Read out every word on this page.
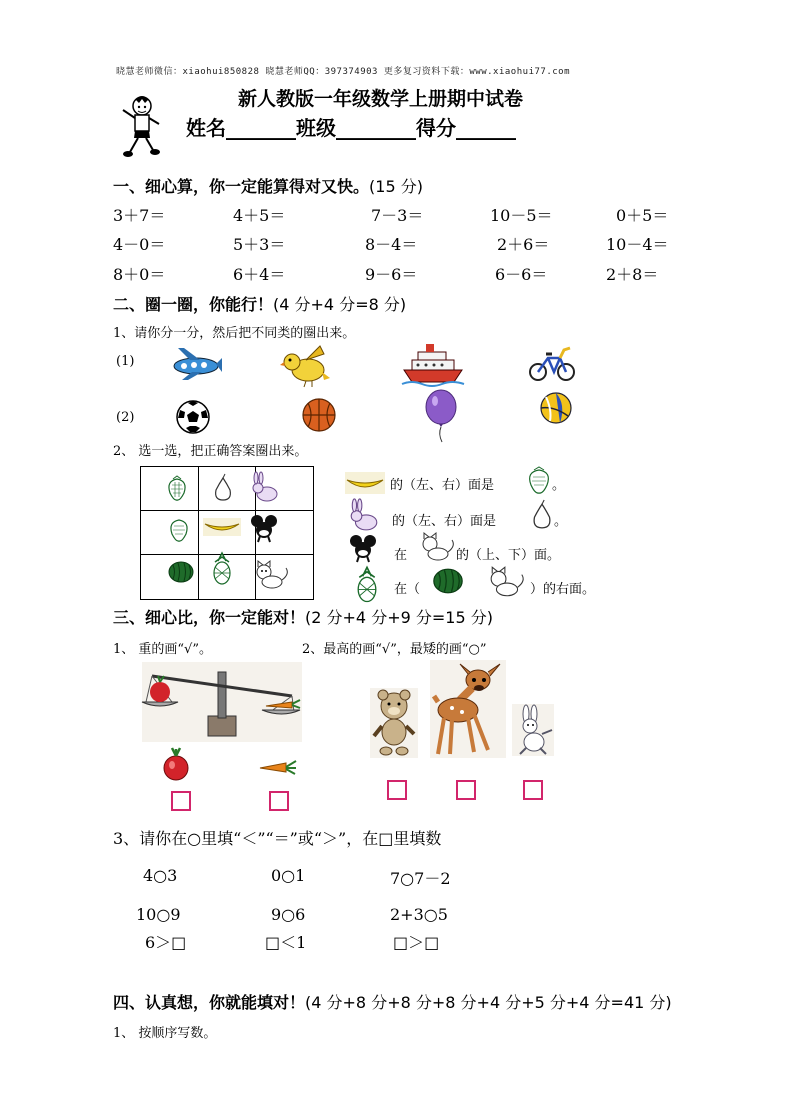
晓慧老师微信：xiaohui850828 晓慧老师QQ：397374903 更多复习资料下载：www.xiaohui77.com
新人教版一年级数学上册期中试卷
姓名_______班级________得分______
一、细心算，你一定能算得对又快。(15 分)
3＋7＝	4＋5＝	7－3＝	10－5＝	0＋5＝
4－0＝	5＋3＝	8－4＝	2＋6＝	10－4＝
8＋0＝	6＋4＝	9－6＝	6－6＝	2＋8＝
二、圈一圈，你能行！(4 分+4 分=8 分)
1、请你分一分，然后把不同类的圈出来。
(1)
(2)
2、 选一选，把正确答案圈出来。
的（左、右）面是	。
的（左、右）面是	。
在	的（上、下）面。
在（	）的右面。
三、细心比，你一定能对！(2 分+4 分+9 分=15 分)
1、 重的画“√”。	2、最高的画“√”，最矮的画“○”
3、请你在○里填“＜”“＝”或“＞”，在□里填数
4○3	0○1	7○7－2
10○9	9○6	2+3○5
6＞□	□＜1	□＞□
四、认真想，你就能填对！(4 分+8 分+8 分+8 分+4 分+5 分+4 分=41 分)
1、 按顺序写数。
